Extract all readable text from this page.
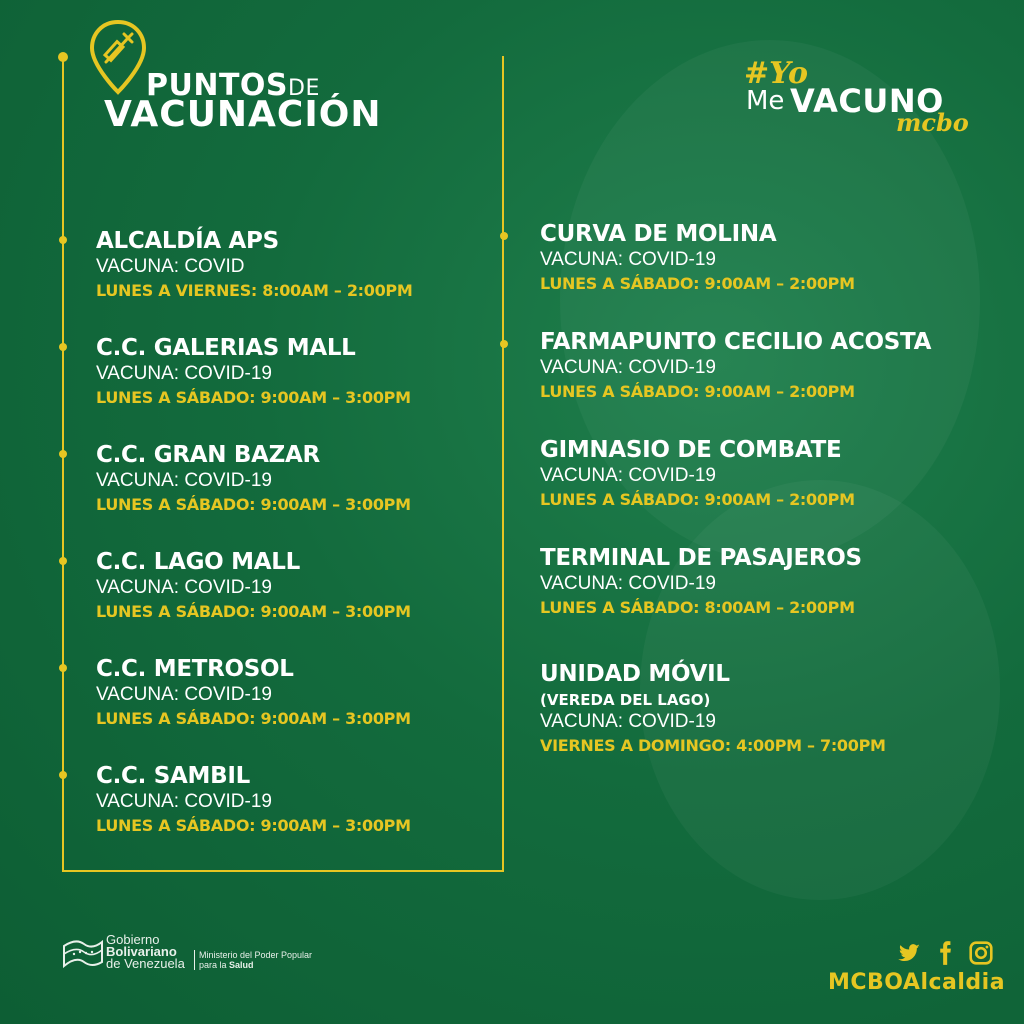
PUNTOSDE
VACUNACIÓN
#Yo
Me VACUNO
mcbo
ALCALDÍA APS
VACUNA: COVID
LUNES A VIERNES: 8:00AM – 2:00PM
C.C. GALERIAS MALL
VACUNA: COVID-19
LUNES A SÁBADO: 9:00AM – 3:00PM
C.C. GRAN BAZAR
VACUNA: COVID-19
LUNES A SÁBADO: 9:00AM – 3:00PM
C.C. LAGO MALL
VACUNA: COVID-19
LUNES A SÁBADO: 9:00AM – 3:00PM
C.C. METROSOL
VACUNA: COVID-19
LUNES A SÁBADO: 9:00AM – 3:00PM
C.C. SAMBIL
VACUNA: COVID-19
LUNES A SÁBADO: 9:00AM – 3:00PM
CURVA DE MOLINA
VACUNA: COVID-19
LUNES A SÁBADO: 9:00AM – 2:00PM
FARMAPUNTO CECILIO ACOSTA
VACUNA: COVID-19
LUNES A SÁBADO: 9:00AM – 2:00PM
GIMNASIO DE COMBATE
VACUNA: COVID-19
LUNES A SÁBADO: 9:00AM – 2:00PM
TERMINAL DE PASAJEROS
VACUNA: COVID-19
LUNES A SÁBADO: 8:00AM – 2:00PM
UNIDAD MÓVIL
(VEREDA DEL LAGO)
VACUNA: COVID-19
VIERNES A DOMINGO: 4:00PM – 7:00PM
Gobierno
Bolivariano
de Venezuela
Ministerio del Poder Popular
para la Salud
MCBOAlcaldia
